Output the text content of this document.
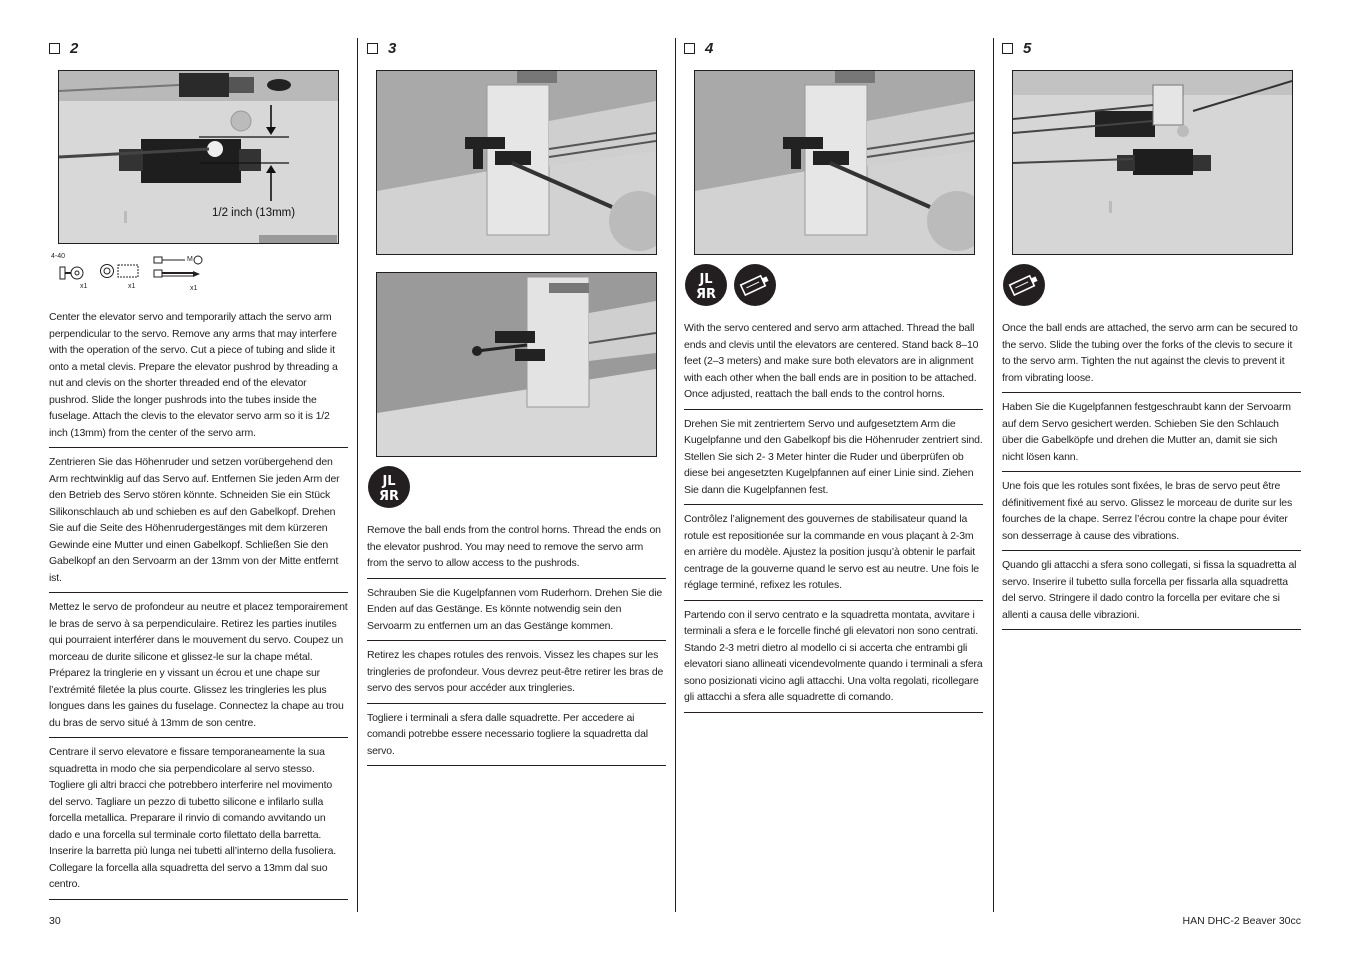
2
1/2 inch (13mm)
4-40
x1	x1
M
x1

Center the elevator servo and temporarily attach the servo arm perpendicular to the servo. Remove any arms that may interfere with the operation of the servo. Cut a piece of tubing and slide it onto a metal clevis. Prepare the elevator pushrod by threading a nut and clevis on the shorter threaded end of the elevator pushrod. Slide the longer pushrods into the tubes inside the fuselage. Attach the clevis to the elevator servo arm so it is 1/2 inch (13mm) from the center of the servo arm.

Zentrieren Sie das Höhenruder und setzen vorübergehend den Arm rechtwinklig auf das Servo auf. Entfernen Sie jeden Arm der den Betrieb des Servo stören könnte. Schneiden Sie ein Stück Silikonschlauch ab und schieben es auf den Gabelkopf. Drehen Sie auf die Seite des Höhenrudergestänges mit dem kürzeren Gewinde eine Mutter und einen Gabelkopf. Schließen Sie den Gabelkopf an den Servoarm an der 13mm von der Mitte entfernt ist.

Mettez le servo de profondeur au neutre et placez temporairement le bras de servo à sa perpendiculaire. Retirez les parties inutiles qui pourraient interférer dans le mouvement du servo. Coupez un morceau de durite silicone et glissez-le sur la chape métal. Préparez la tringlerie en y vissant un écrou et une chape sur l’extrémité filetée la plus courte. Glissez les tringleries les plus longues dans les gaines du fuselage. Connectez la chape au trou du bras de servo situé à 13mm de son centre.

Centrare il servo elevatore e fissare temporaneamente la sua squadretta in modo che sia perpendicolare al servo stesso. Togliere gli altri bracci che potrebbero interferire nel movimento del servo. Tagliare un pezzo di tubetto silicone e infilarlo sulla forcella metallica. Preparare il rinvio di comando avvitando un dado e una forcella sul terminale corto filettato della barretta. Inserire la barretta più lunga nei tubetti all’interno della fusoliera. Collegare la forcella alla squadretta del servo a 13mm dal suo centro.

3
JL
ЯR

Remove the ball ends from the control horns. Thread the ends on the elevator pushrod. You may need to remove the servo arm from the servo to allow access to the pushrods.

Schrauben Sie die Kugelpfannen vom Ruderhorn. Drehen Sie die Enden auf das Gestänge. Es könnte notwendig sein den Servoarm zu entfernen um an das Gestänge kommen.

Retirez les chapes rotules des renvois. Vissez les chapes sur les tringleries de profondeur. Vous devrez peut-être retirer les bras de servo des servos pour accéder aux tringleries.

Togliere i terminali a sfera dalle squadrette. Per accedere ai comandi potrebbe essere necessario togliere la squadretta dal servo.

4
JL
ЯR

With the servo centered and servo arm attached. Thread the ball ends and clevis until the elevators are centered. Stand back 8–10 feet (2–3 meters) and make sure both elevators are in alignment with each other when the ball ends are in position to be attached. Once adjusted, reattach the ball ends to the control horns.

Drehen Sie mit zentriertem Servo und aufgesetztem Arm die Kugelpfanne und den Gabelkopf bis die Höhenruder zentriert sind. Stellen Sie sich 2- 3 Meter hinter die Ruder und überprüfen ob diese bei angesetzten Kugelpfannen auf einer Linie sind. Ziehen Sie dann die Kugelpfannen fest.

Contrôlez l’alignement des gouvernes de stabilisateur quand la rotule est repositionée sur la commande en vous plaçant à 2-3m en arrière du modèle. Ajustez la position jusqu’à obtenir le parfait centrage de la gouverne quand le servo est au neutre. Une fois le réglage terminé, refixez les rotules.

Partendo con il servo centrato e la squadretta montata, avvitare i terminali a sfera e le forcelle finché gli elevatori non sono centrati. Stando 2-3 metri dietro al modello ci si accerta che entrambi gli elevatori siano allineati vicendevolmente quando i terminali a sfera sono posizionati vicino agli attacchi. Una volta regolati, ricollegare gli attacchi a sfera alle squadrette di comando.

5

Once the ball ends are attached, the servo arm can be secured to the servo. Slide the tubing over the forks of the clevis to secure it to the servo arm. Tighten the nut against the clevis to prevent it from vibrating loose.

Haben Sie die Kugelpfannen festgeschraubt kann der Servoarm auf dem Servo gesichert werden. Schieben Sie den Schlauch über die Gabelköpfe und drehen die Mutter an, damit sie sich nicht lösen kann.

Une fois que les rotules sont fixées, le bras de servo peut être définitivement fixé au servo. Glissez le morceau de durite sur les fourches de la chape. Serrez l’écrou contre la chape pour éviter son desserrage à cause des vibrations.

Quando gli attacchi a sfera sono collegati, si fissa la squadretta al servo. Inserire il tubetto sulla forcella per fissarla alla squadretta del servo. Stringere il dado contro la forcella per evitare che si allenti a causa delle vibrazioni.

30	HAN DHC-2 Beaver 30cc
